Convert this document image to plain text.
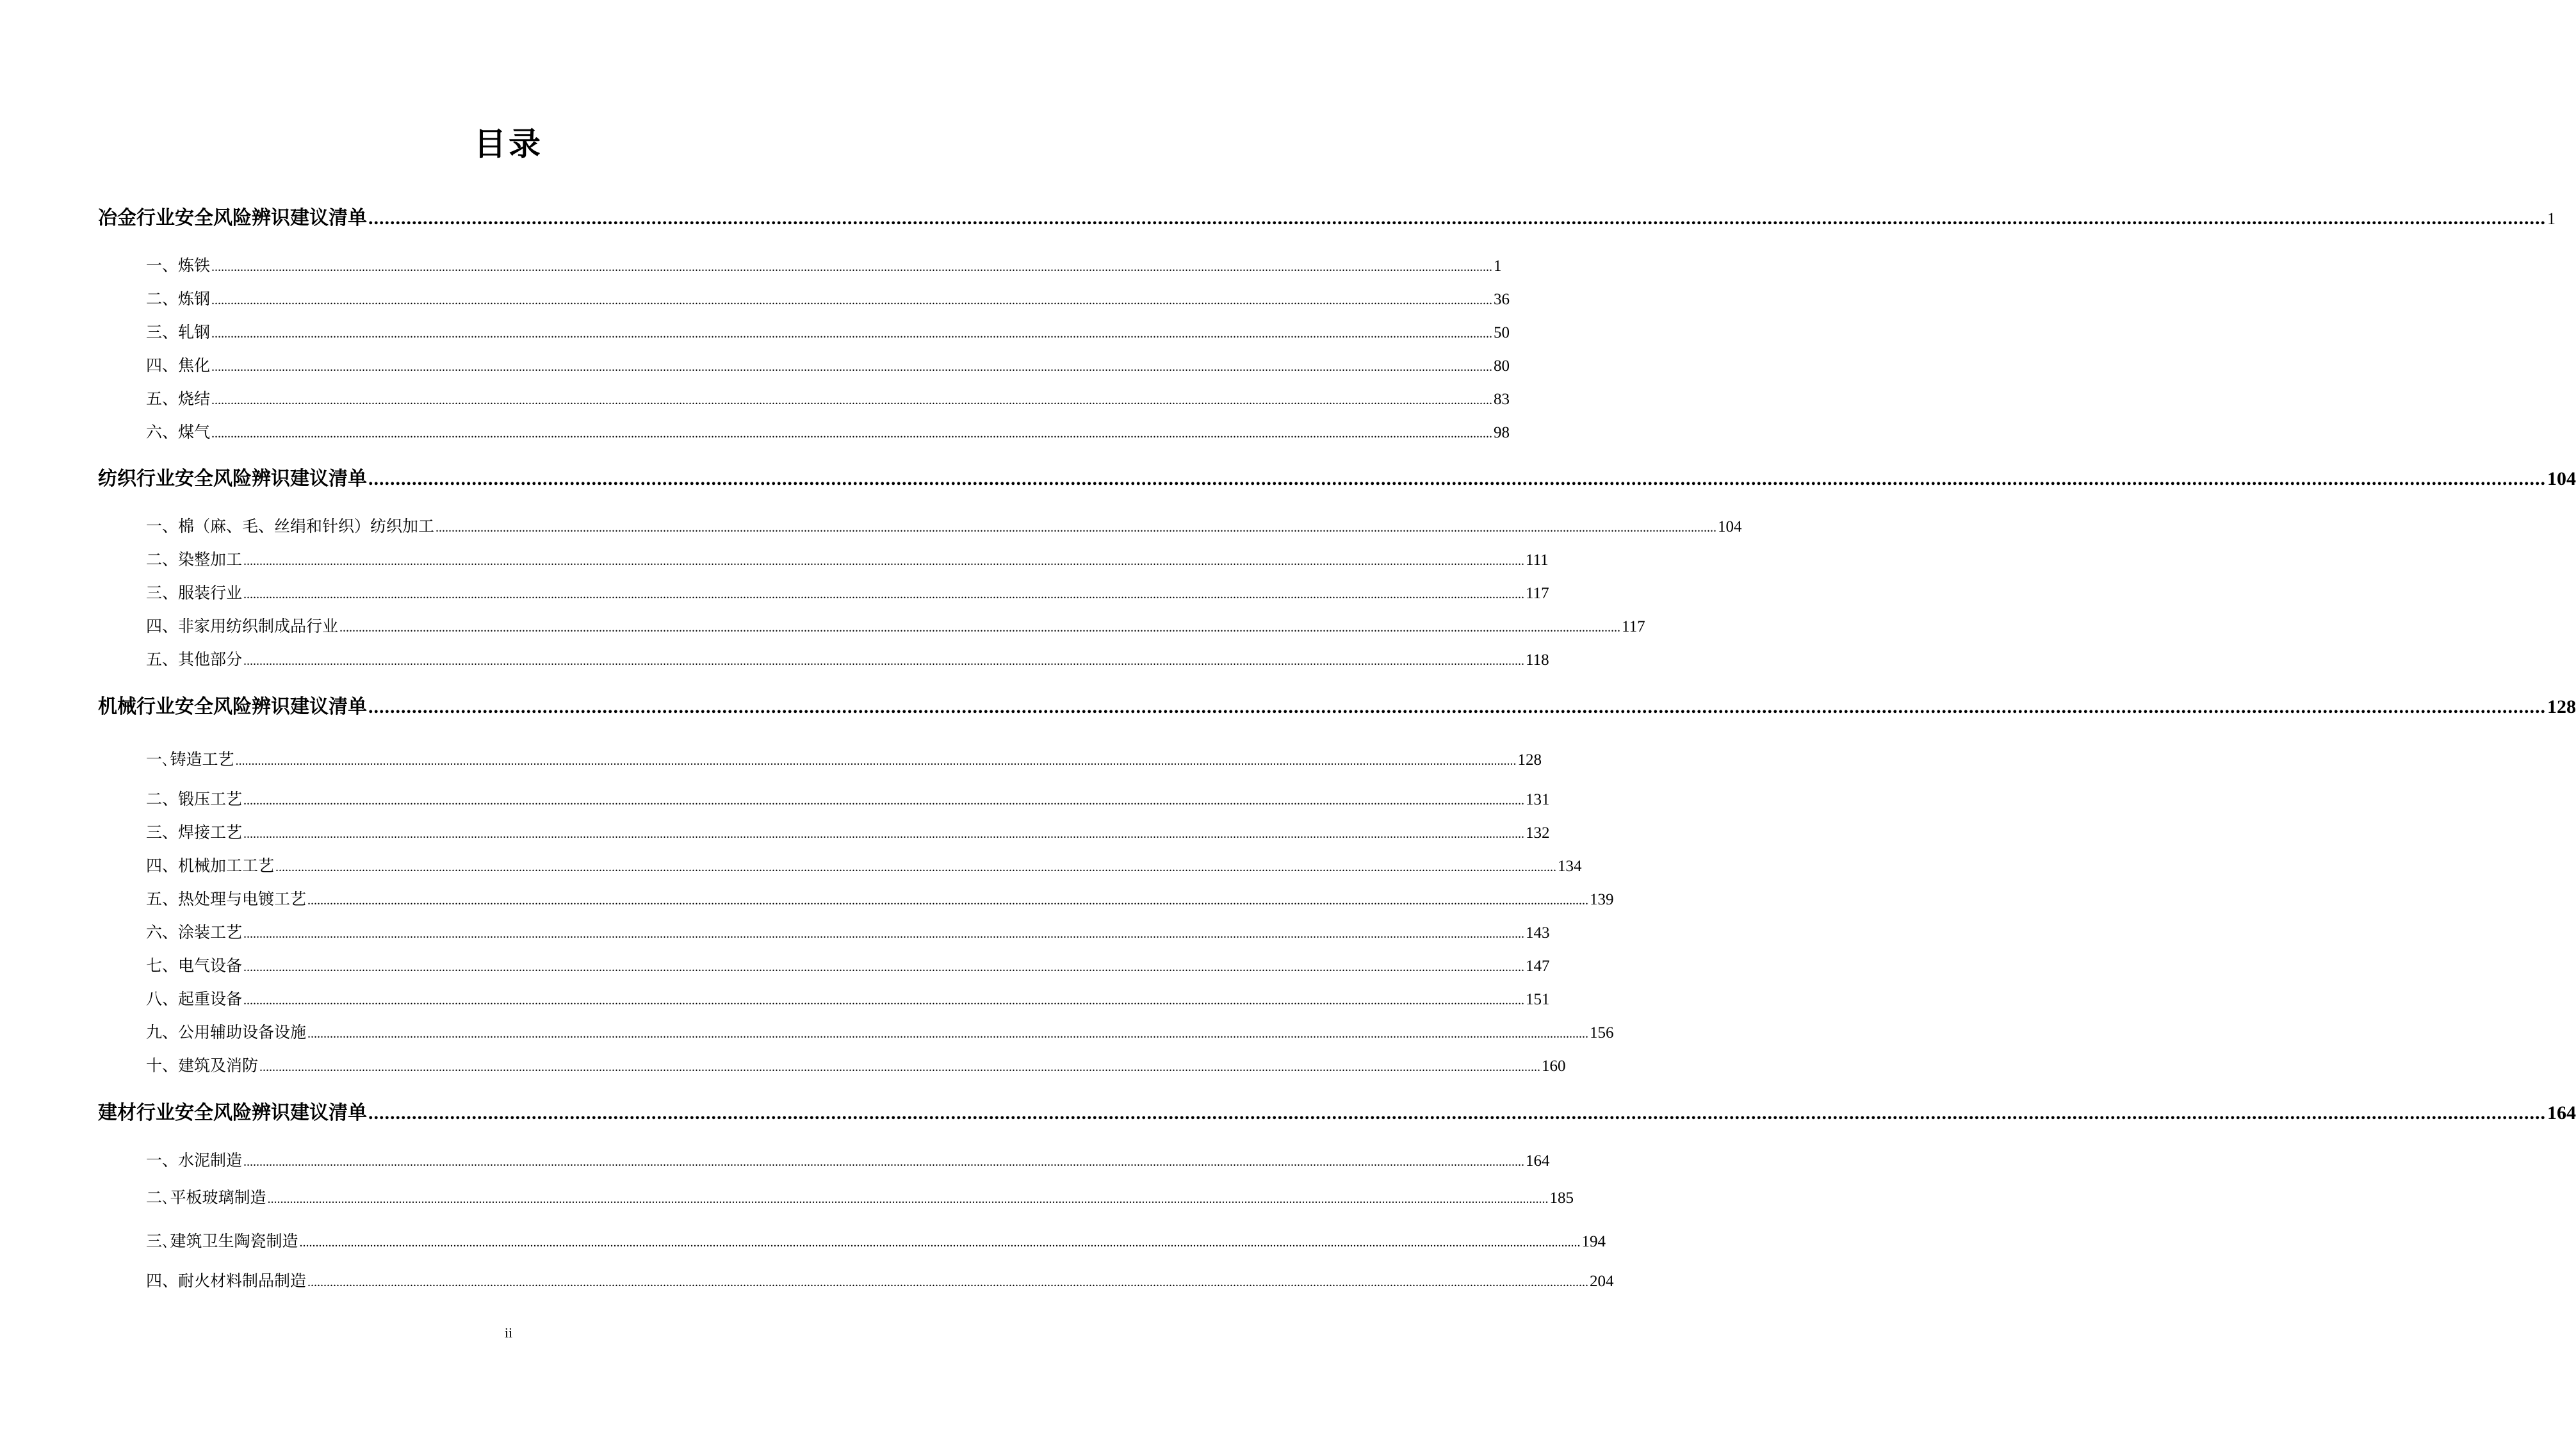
目录
冶金行业安全风险辨识建议清单 ................................................................................................................................................................................................................................................................................................................................................................................................................ 1
一、炼铁 ................................................................................................................................................................................................................................................................................................................................................................................................................ 1
二、炼钢 ................................................................................................................................................................................................................................................................................................................................................................................................................ 36
三、轧钢 ................................................................................................................................................................................................................................................................................................................................................................................................................ 50
四、焦化 ................................................................................................................................................................................................................................................................................................................................................................................................................ 80
五、烧结 ................................................................................................................................................................................................................................................................................................................................................................................................................ 83
六、煤气 ................................................................................................................................................................................................................................................................................................................................................................................................................ 98
纺织行业安全风险辨识建议清单 ................................................................................................................................................................................................................................................................................................................................................................................................................ 104
一、棉（麻、毛、丝绢和针织）纺织加工 ................................................................................................................................................................................................................................................................................................................................................................................................................ 104
二、染整加工 ................................................................................................................................................................................................................................................................................................................................................................................................................ 111
三、服装行业 ................................................................................................................................................................................................................................................................................................................................................................................................................ 117
四、非家用纺织制成品行业 ................................................................................................................................................................................................................................................................................................................................................................................................................ 117
五、其他部分 ................................................................................................................................................................................................................................................................................................................................................................................................................ 118
机械行业安全风险辨识建议清单 ................................................................................................................................................................................................................................................................................................................................................................................................................ 128
一､铸造工艺 ................................................................................................................................................................................................................................................................................................................................................................................................................ 128
二、锻压工艺 ................................................................................................................................................................................................................................................................................................................................................................................................................ 131
三、焊接工艺 ................................................................................................................................................................................................................................................................................................................................................................................................................ 132
四、机械加工工艺 ................................................................................................................................................................................................................................................................................................................................................................................................................ 134
五、热处理与电镀工艺 ................................................................................................................................................................................................................................................................................................................................................................................................................ 139
六、涂装工艺 ................................................................................................................................................................................................................................................................................................................................................................................................................ 143
七、电气设备 ................................................................................................................................................................................................................................................................................................................................................................................................................ 147
八、起重设备 ................................................................................................................................................................................................................................................................................................................................................................................................................ 151
九、公用辅助设备设施 ................................................................................................................................................................................................................................................................................................................................................................................................................ 156
十、建筑及消防 ................................................................................................................................................................................................................................................................................................................................................................................................................ 160
建材行业安全风险辨识建议清单 ................................................................................................................................................................................................................................................................................................................................................................................................................ 164
一、水泥制造 ................................................................................................................................................................................................................................................................................................................................................................................................................ 164
二､平板玻璃制造 ................................................................................................................................................................................................................................................................................................................................................................................................................ 185
三､建筑卫生陶瓷制造 ................................................................................................................................................................................................................................................................................................................................................................................................................ 194
四、耐火材料制品制造 ................................................................................................................................................................................................................................................................................................................................................................................................................ 204
ii
